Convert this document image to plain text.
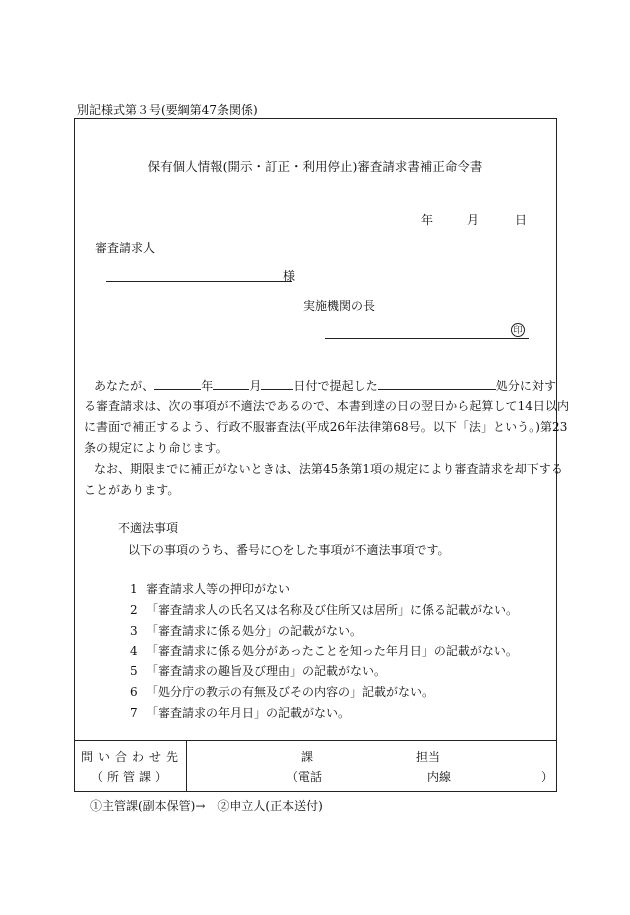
別記様式第３号(要綱第47条関係)
保有個人情報(開示・訂正・利用停止)審査請求書補正命令書
年	月	日
審査請求人
様
実施機関の長
印
あなたが、	年	月	日付で提起した	処分に対す
る審査請求は、次の事項が不適法であるので、本書到達の日の翌日から起算して14日以内
に書面で補正するよう、行政不服審査法(平成26年法律第68号。以下「法」という。)第23
条の規定により命じます。
なお、期限までに補正がないときは、法第45条第1項の規定により審査請求を却下する
ことがあります。
不適法事項
以下の事項のうち、番号に○をした事項が不適法事項です。
1 審査請求人等の押印がない
2 「審査請求人の氏名又は名称及び住所又は居所」に係る記載がない。
3 「審査請求に係る処分」の記載がない。
4 「審査請求に係る処分があったことを知った年月日」の記載がない。
5 「審査請求の趣旨及び理由」の記載がない。
6 「処分庁の教示の有無及びその内容の」記載がない。
7 「審査請求の年月日」の記載がない。
問い合わせ先
（所管課）
課	担当
（電話	内線	）
①主管課(副本保管)→　②申立人(正本送付)
